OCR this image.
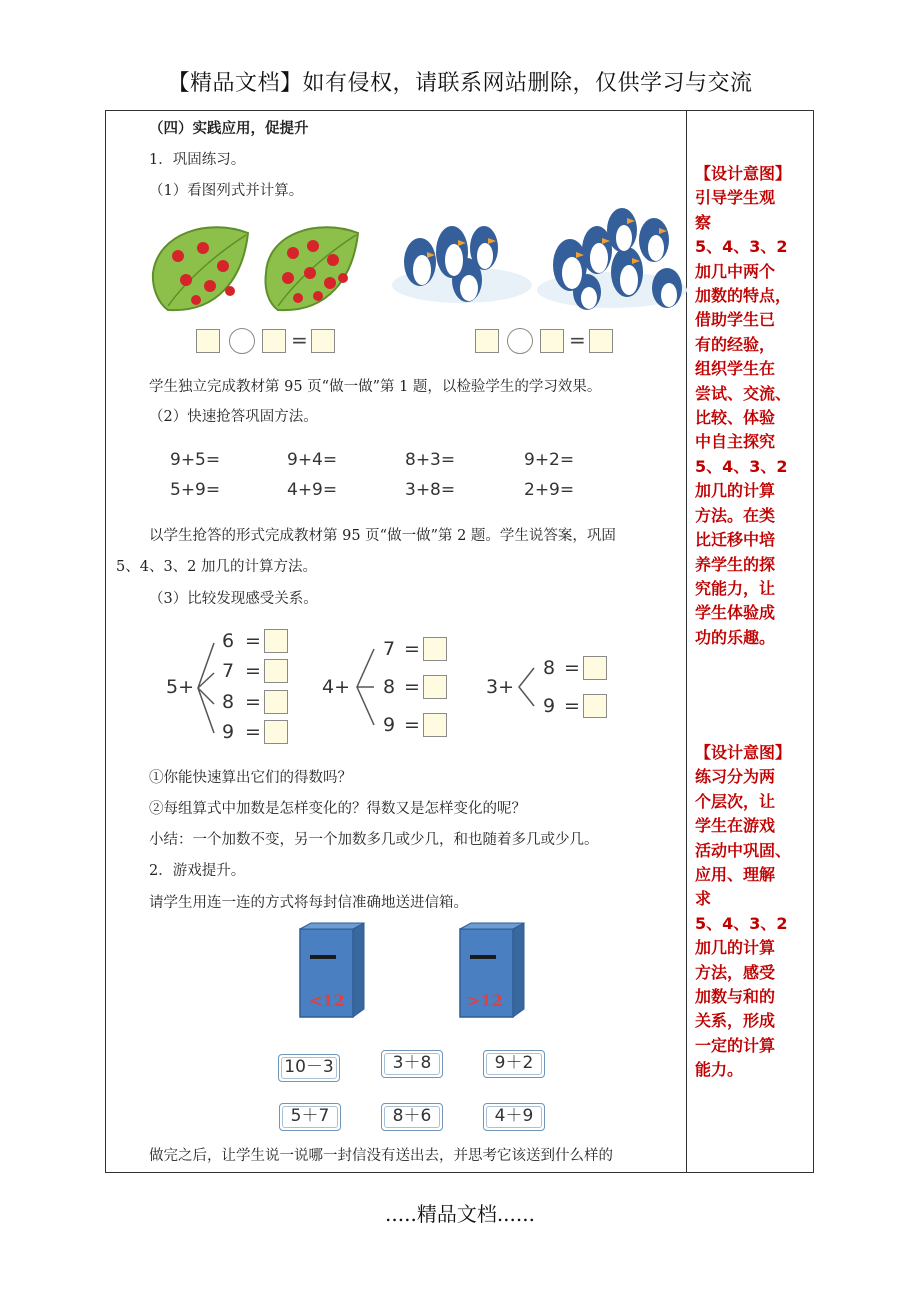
【精品文档】如有侵权，请联系网站删除，仅供学习与交流
（四）实践应用，促提升
1．巩固练习。
（1）看图列式并计算。
=	=
学生独立完成教材第 95 页“做一做”第 1 题，以检验学生的学习效果。
（2）快速抢答巩固方法。
9+5=	9+4=	8+3=	9+2=
5+9=	4+9=	3+8=	2+9=
以学生抢答的形式完成教材第 95 页“做一做”第 2 题。学生说答案，巩固
5、4、3、2 加几的计算方法。
（3）比较发现感受关系。
5+
6 =
7 =
8 =
9 =
4+
7 =
8 =
9 =
3+
8 =
9 =
①你能快速算出它们的得数吗？
②每组算式中加数是怎样变化的？得数又是怎样变化的呢？
小结：一个加数不变，另一个加数多几或少几，和也随着多几或少几。
2．游戏提升。
请学生用连一连的方式将每封信准确地送进信箱。
<12	>12
10－3	3＋8	9＋2
5＋7	8＋6	4＋9
做完之后，让学生说一说哪一封信没有送出去，并思考它该送到什么样的
【设计意图】
引导学生观
察
5、4、3、2
加几中两个
加数的特点，
借助学生已
有的经验，
组织学生在
尝试、交流、
比较、体验
中自主探究
5、4、3、2
加几的计算
方法。在类
比迁移中培
养学生的探
究能力，让
学生体验成
功的乐趣。
【设计意图】
练习分为两
个层次，让
学生在游戏
活动中巩固、
应用、理解
求
5、4、3、2
加几的计算
方法，感受
加数与和的
关系，形成
一定的计算
能力。
.....精品文档......
